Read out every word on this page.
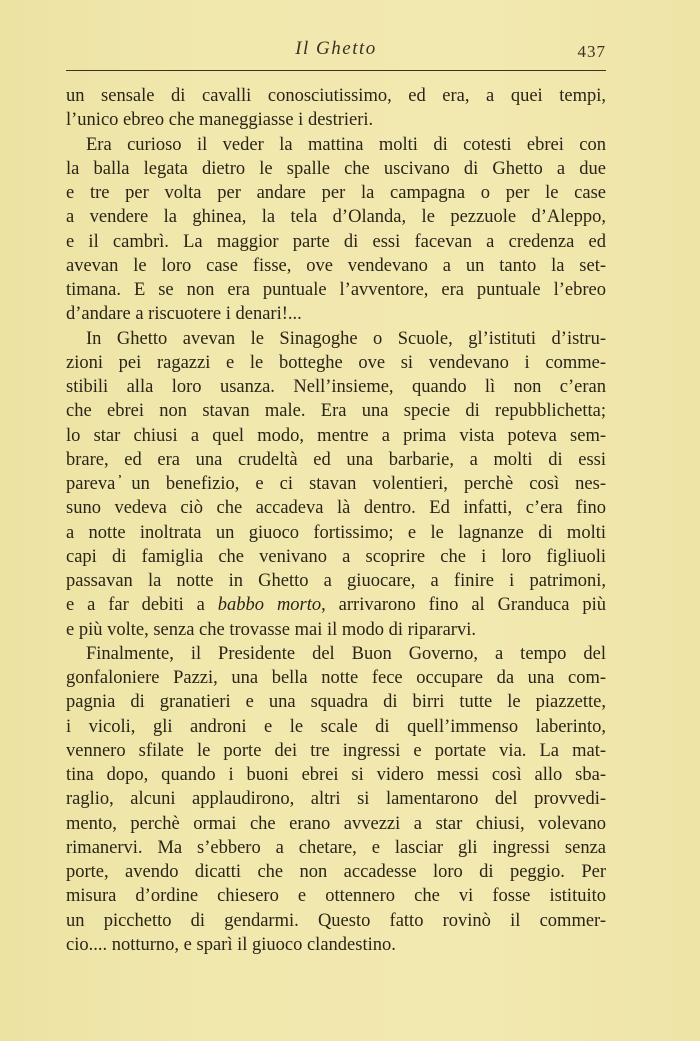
Il Ghetto	437
un sensale di cavalli conosciutissimo, ed era, a quei tempi,
l’unico ebreo che maneggiasse i destrieri.
Era curioso il veder la mattina molti di cotesti ebrei con
la balla legata dietro le spalle che uscivano di Ghetto a due
e tre per volta per andare per la campagna o per le case
a vendere la ghinea, la tela d’Olanda, le pezzuole d’Aleppo,
e il cambrì. La maggior parte di essi facevan a credenza ed
avevan le loro case fisse, ove vendevano a un tanto la set-
timana. E se non era puntuale l’avventore, era puntuale l’ebreo
d’andare a riscuotere i denari!...
In Ghetto avevan le Sinagoghe o Scuole, gl’istituti d’istru-
zioni pei ragazzi e le botteghe ove si vendevano i comme-
stibili alla loro usanza. Nell’insieme, quando lì non c’eran
che ebrei non stavan male. Era una specie di repubblichetta;
lo star chiusi a quel modo, mentre a prima vista poteva sem-
brare, ed era una crudeltà ed una barbarie, a molti di essi
pareva ̓un benefizio, e ci stavan volentieri, perchè così nes-
suno vedeva ciò che accadeva là dentro. Ed infatti, c’era fino
a notte inoltrata un giuoco fortissimo; e le lagnanze di molti
capi di famiglia che venivano a scoprire che i loro figliuoli
passavan la notte in Ghetto a giuocare, a finire i patrimoni,
e a far debiti a babbo morto, arrivarono fino al Granduca più
e più volte, senza che trovasse mai il modo di ripararvi.
Finalmente, il Presidente del Buon Governo, a tempo del
gonfaloniere Pazzi, una bella notte fece occupare da una com-
pagnia di granatieri e una squadra di birri tutte le piazzette,
i vicoli, gli androni e le scale di quell’immenso laberinto,
vennero sfilate le porte dei tre ingressi e portate via. La mat-
tina dopo, quando i buoni ebrei si videro messi così allo sba-
raglio, alcuni applaudirono, altri si lamentarono del provvedi-
mento, perchè ormai che erano avvezzi a star chiusi, volevano
rimanervi. Ma s’ebbero a chetare, e lasciar gli ingressi senza
porte, avendo dicatti che non accadesse loro di peggio. Per
misura d’ordine chiesero e ottennero che vi fosse istituito
un picchetto di gendarmi. Questo fatto rovinò il commer-
cio.... notturno, e sparì il giuoco clandestino.
